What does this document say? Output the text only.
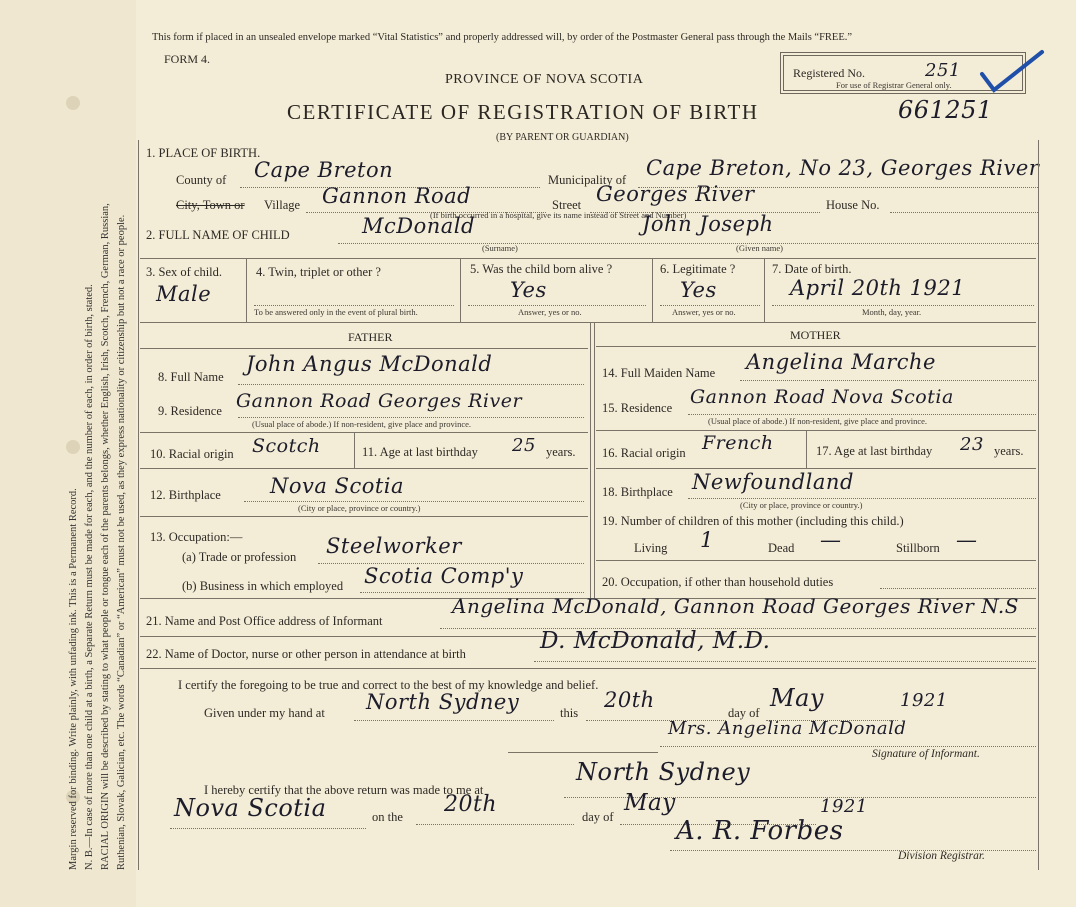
Margin reserved for binding. Write plainly, with unfading ink. This is a Permanent Record. N. B.—In case of more than one child at a birth, a Separate Return must be made for each, and the number of each, in order of birth, stated. RACIAL ORIGIN will be described by stating to what people or tongue each of the parents belongs, whether English, Irish, Scotch, French, German, Russian, Ruthenian, Slovak, Galician, etc. The words “Canadian” or “American” must not be used, as they express nationality or citizenship but not a race or people.
This form if placed in an unsealed envelope marked “Vital Statistics” and properly addressed will, by order of the Postmaster General pass through the Mails “FREE.”
FORM 4.
PROVINCE OF NOVA SCOTIA
CERTIFICATE OF REGISTRATION OF BIRTH
(BY PARENT OR GUARDIAN)
Registered No.	251
For use of Registrar General only.
661251
1. PLACE OF BIRTH.
County of Cape Breton	Municipality of Cape Breton, No 23, Georges River
City, Town or Village Gannon Road	Street Georges River	House No.
(If birth occurred in a hospital, give its name instead of Street and Number)
2. FULL NAME OF CHILD	McDonald
(Surname)
John Joseph
(Given name)
3. Sex of child.
Male
4. Twin, triplet or other ?
To be answered only in the event of plural birth.
5. Was the child born alive ?
Yes
Answer, yes or no.
6. Legitimate ?
Yes
Answer, yes or no.
7. Date of birth.
April 20th 1921
Month, day, year.
FATHER	MOTHER
8. Full Name
John Angus McDonald
9. Residence Gannon Road Georges River
(Usual place of abode.) If non-resident, give place and province.
10. Racial origin Scotch	11. Age at last birthday 25 years.
12. Birthplace Nova Scotia
(City or place, province or country.)
13. Occupation:—
(a) Trade or profession Steelworker
(b) Business in which employed Scotia Comp'y
14. Full Maiden Name Angelina Marche
15. Residence Gannon Road Nova Scotia
(Usual place of abode.) If non-resident, give place and province.
16. Racial origin French	17. Age at last birthday 23 years.
18. Birthplace Newfoundland
(City or place, province or country.)
19. Number of children of this mother (including this child.)
Living 1	Dead —	Stillborn —
20. Occupation, if other than household duties
21. Name and Post Office address of Informant
Angelina McDonald, Gannon Road Georges River N.S
22. Name of Doctor, nurse or other person in attendance at birth	D. McDonald, M.D.
I certify the foregoing to be true and correct to the best of my knowledge and belief.
Given under my hand at North Sydney	this
20th
day of
May	1921
Mrs. Angelina McDonald
Signature of Informant.
I hereby certify that the above return was made to me at
North Sydney
Nova Scotia	on the 20th	day of
May	1921
A. R. Forbes
Division Registrar.
